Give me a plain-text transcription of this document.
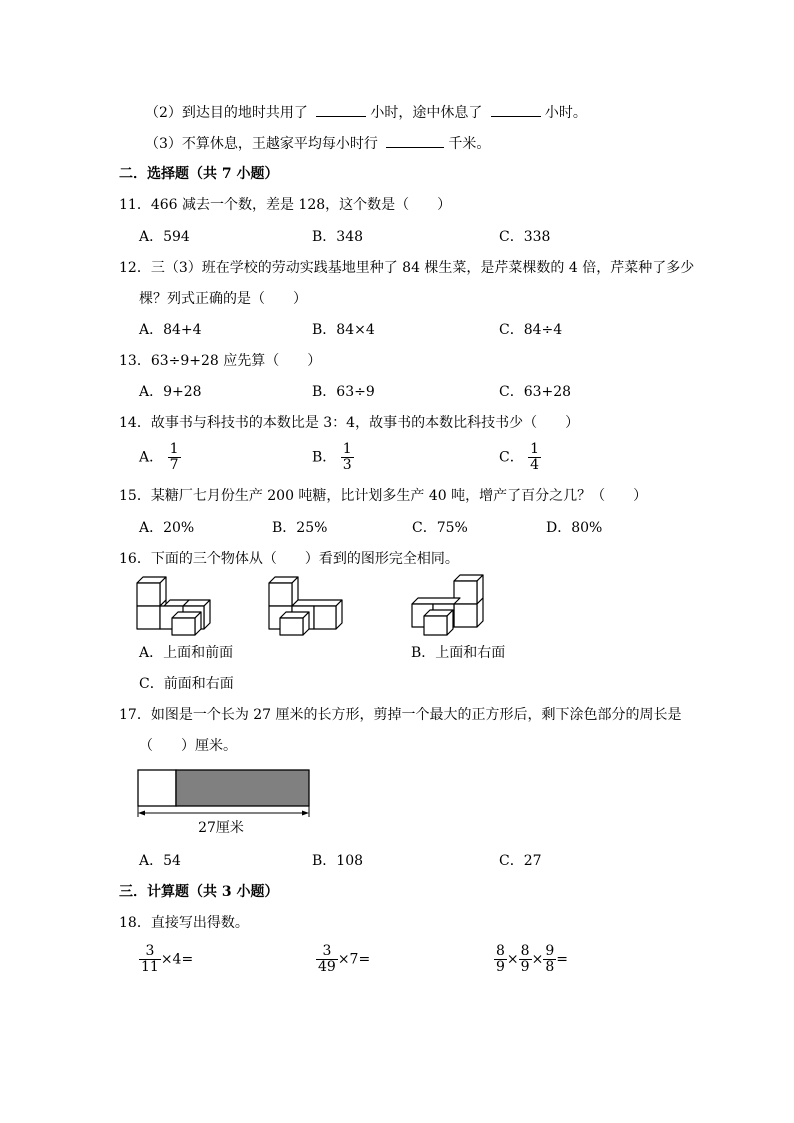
（2）到达目的地时共用了	小时，途中休息了	小时。
（3）不算休息，王越家平均每小时行	千米。
二．选择题（共 7 小题）
11．466 减去一个数，差是 128，这个数是（　　）
A．594	B．348	C．338
12．三（3）班在学校的劳动实践基地里种了 84 棵生菜，是芹菜棵数的 4 倍，芹菜种了多少
棵？列式正确的是（　　）
A．84+4	B．84×4	C．84÷4
13．63÷9+28 应先算（　　）
A．9+28	B．63÷9	C．63+28
14．故事书与科技书的本数比是 3：4，故事书的本数比科技书少（　　）
A． $\frac{1}{7}$	B． $\frac{1}{3}$	C． $\frac{1}{4}$
15．某糖厂七月份生产 200 吨糖，比计划多生产 40 吨，增产了百分之几？（　　）
A．20%	B．25%	C．75%	D．80%
16．下面的三个物体从（　　）看到的图形完全相同。
A．上面和前面	B．上面和右面
C．前面和右面
17．如图是一个长为 27 厘米的长方形，剪掉一个最大的正方形后，剩下涂色部分的周长是
（　　）厘米。
27厘米
A．54	B．108	C．27
三．计算题（共 3 小题）
18．直接写出得数。
$\frac{3}{11} \times 4=$	$\frac{3}{49} \times 7=$	$\frac{8}{9} \times \frac{8}{9} \times \frac{9}{8}$ =
